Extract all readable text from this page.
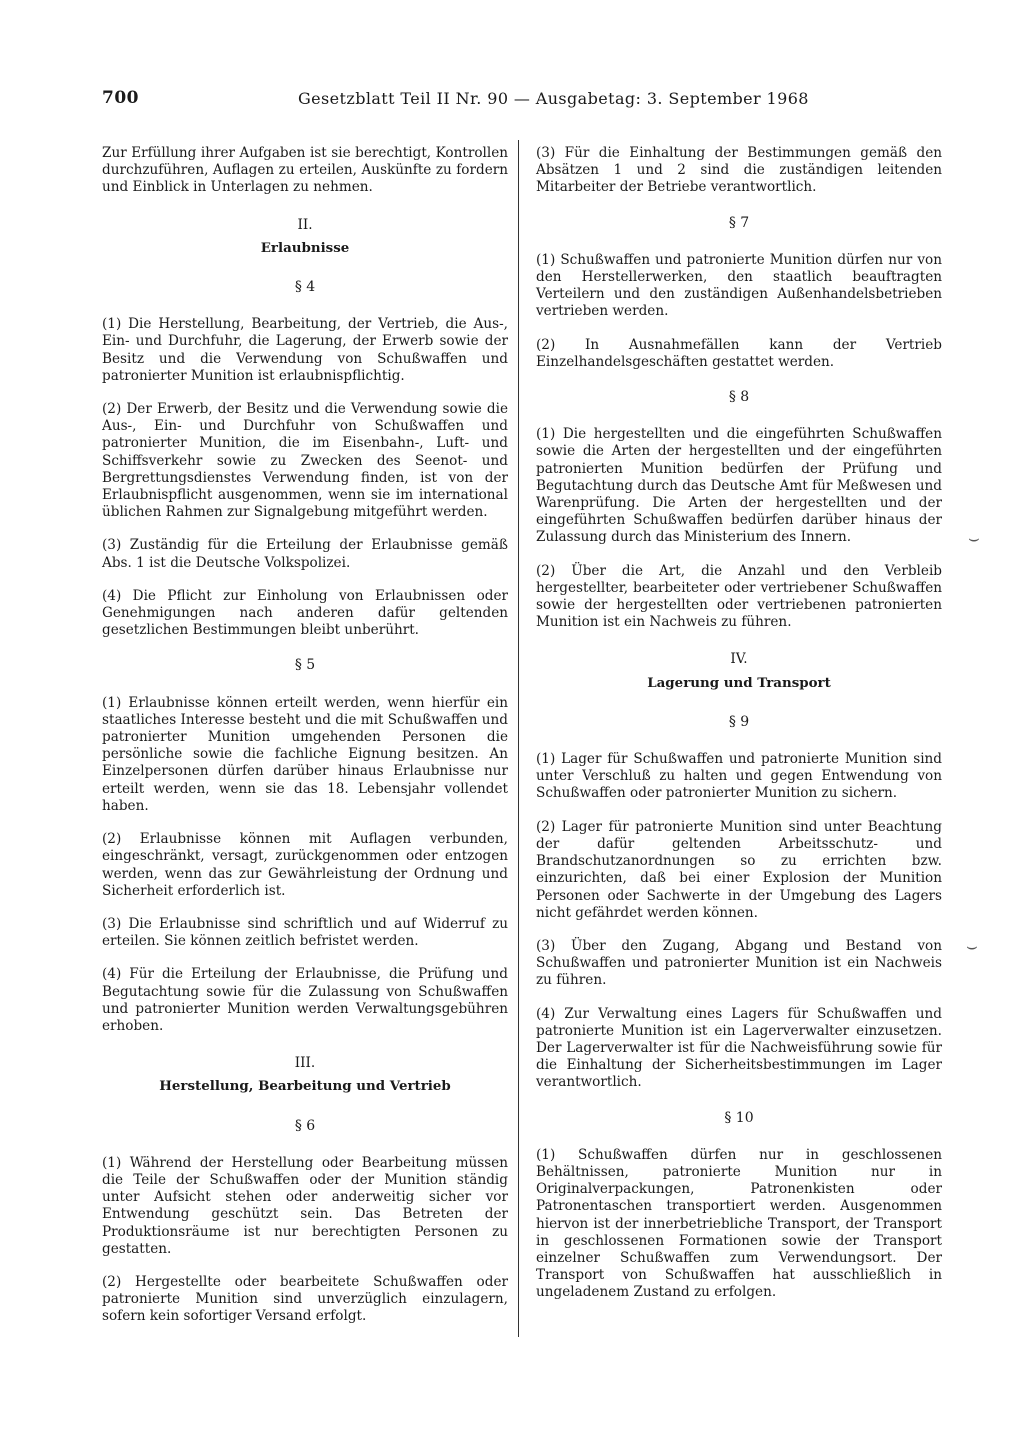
700	Gesetzblatt Teil II Nr. 90 — Ausgabetag: 3. September 1968

Zur Erfüllung ihrer Aufgaben ist sie berechtigt, Kontrollen durchzuführen, Auflagen zu erteilen, Auskünfte zu fordern und Einblick in Unterlagen zu nehmen.

II.
Erlaubnisse
§ 4

(1) Die Herstellung, Bearbeitung, der Vertrieb, die Aus-, Ein- und Durchfuhr, die Lagerung, der Erwerb sowie der Besitz und die Verwendung von Schußwaffen und patronierter Munition ist erlaubnispflichtig.

(2) Der Erwerb, der Besitz und die Verwendung sowie die Aus-, Ein- und Durchfuhr von Schußwaffen und patronierter Munition, die im Eisenbahn-, Luft- und Schiffsverkehr sowie zu Zwecken des Seenot- und Bergrettungsdienstes Verwendung finden, ist von der Erlaubnispflicht ausgenommen, wenn sie im international üblichen Rahmen zur Signalgebung mitgeführt werden.

(3) Zuständig für die Erteilung der Erlaubnisse gemäß Abs. 1 ist die Deutsche Volkspolizei.

(4) Die Pflicht zur Einholung von Erlaubnissen oder Genehmigungen nach anderen dafür geltenden gesetzlichen Bestimmungen bleibt unberührt.

§ 5

(1) Erlaubnisse können erteilt werden, wenn hierfür ein staatliches Interesse besteht und die mit Schußwaffen und patronierter Munition umgehenden Personen die persönliche sowie die fachliche Eignung besitzen. An Einzelpersonen dürfen darüber hinaus Erlaubnisse nur erteilt werden, wenn sie das 18. Lebensjahr vollendet haben.

(2) Erlaubnisse können mit Auflagen verbunden, eingeschränkt, versagt, zurückgenommen oder entzogen werden, wenn das zur Gewährleistung der Ordnung und Sicherheit erforderlich ist.

(3) Die Erlaubnisse sind schriftlich und auf Widerruf zu erteilen. Sie können zeitlich befristet werden.

(4) Für die Erteilung der Erlaubnisse, die Prüfung und Begutachtung sowie für die Zulassung von Schußwaffen und patronierter Munition werden Verwaltungsgebühren erhoben.

III.
Herstellung, Bearbeitung und Vertrieb
§ 6

(1) Während der Herstellung oder Bearbeitung müssen die Teile der Schußwaffen oder der Munition ständig unter Aufsicht stehen oder anderweitig sicher vor Entwendung geschützt sein. Das Betreten der Produktionsräume ist nur berechtigten Personen zu gestatten.

(2) Hergestellte oder bearbeitete Schußwaffen oder patronierte Munition sind unverzüglich einzulagern, sofern kein sofortiger Versand erfolgt.

(3) Für die Einhaltung der Bestimmungen gemäß den Absätzen 1 und 2 sind die zuständigen leitenden Mitarbeiter der Betriebe verantwortlich.

§ 7

(1) Schußwaffen und patronierte Munition dürfen nur von den Herstellerwerken, den staatlich beauftragten Verteilern und den zuständigen Außenhandelsbetrieben vertrieben werden.

(2) In Ausnahmefällen kann der Vertrieb Einzelhandelsgeschäften gestattet werden.

§ 8

(1) Die hergestellten und die eingeführten Schußwaffen sowie die Arten der hergestellten und der eingeführten patronierten Munition bedürfen der Prüfung und Begutachtung durch das Deutsche Amt für Meßwesen und Warenprüfung. Die Arten der hergestellten und der eingeführten Schußwaffen bedürfen darüber hinaus der Zulassung durch das Ministerium des Innern.

(2) Über die Art, die Anzahl und den Verbleib hergestellter, bearbeiteter oder vertriebener Schußwaffen sowie der hergestellten oder vertriebenen patronierten Munition ist ein Nachweis zu führen.

IV.
Lagerung und Transport
§ 9

(1) Lager für Schußwaffen und patronierte Munition sind unter Verschluß zu halten und gegen Entwendung von Schußwaffen oder patronierter Munition zu sichern.

(2) Lager für patronierte Munition sind unter Beachtung der dafür geltenden Arbeitsschutz- und Brandschutzanordnungen so zu errichten bzw. einzurichten, daß bei einer Explosion der Munition Personen oder Sachwerte in der Umgebung des Lagers nicht gefährdet werden können.

(3) Über den Zugang, Abgang und Bestand von Schußwaffen und patronierter Munition ist ein Nachweis zu führen.

(4) Zur Verwaltung eines Lagers für Schußwaffen und patronierte Munition ist ein Lagerverwalter einzusetzen. Der Lagerverwalter ist für die Nachweisführung sowie für die Einhaltung der Sicherheitsbestimmungen im Lager verantwortlich.

§ 10

(1) Schußwaffen dürfen nur in geschlossenen Behältnissen, patronierte Munition nur in Originalverpackungen, Patronenkisten oder Patronentaschen transportiert werden. Ausgenommen hiervon ist der innerbetriebliche Transport, der Transport in geschlossenen Formationen sowie der Transport einzelner Schußwaffen zum Verwendungsort. Der Transport von Schußwaffen hat ausschließlich in ungeladenem Zustand zu erfolgen.

⌣
⌣
